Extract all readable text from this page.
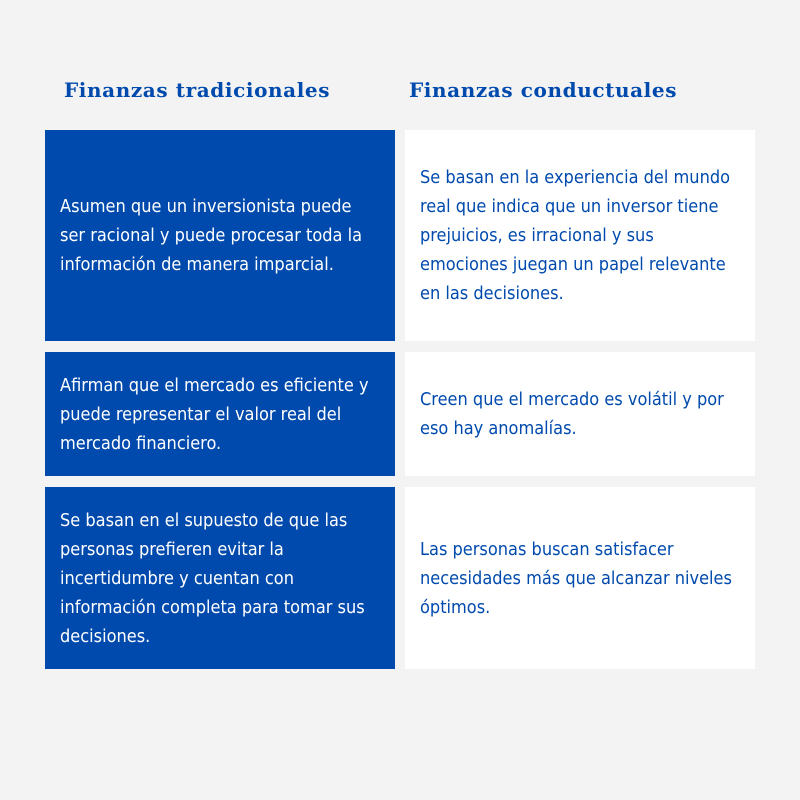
Finanzas tradicionales	Finanzas conductuales
Asumen que un inversionista puede ser racional y puede procesar toda la información de manera imparcial.
Se basan en la experiencia del mundo real que indica que un inversor tiene prejuicios, es irracional y sus emociones juegan un papel relevante en las decisiones.
Afirman que el mercado es eficiente y puede representar el valor real del mercado financiero.
Creen que el mercado es volátil y por eso hay anomalías.
Se basan en el supuesto de que las personas prefieren evitar la incertidumbre y cuentan con información completa para tomar sus decisiones.
Las personas buscan satisfacer necesidades más que alcanzar niveles óptimos.
